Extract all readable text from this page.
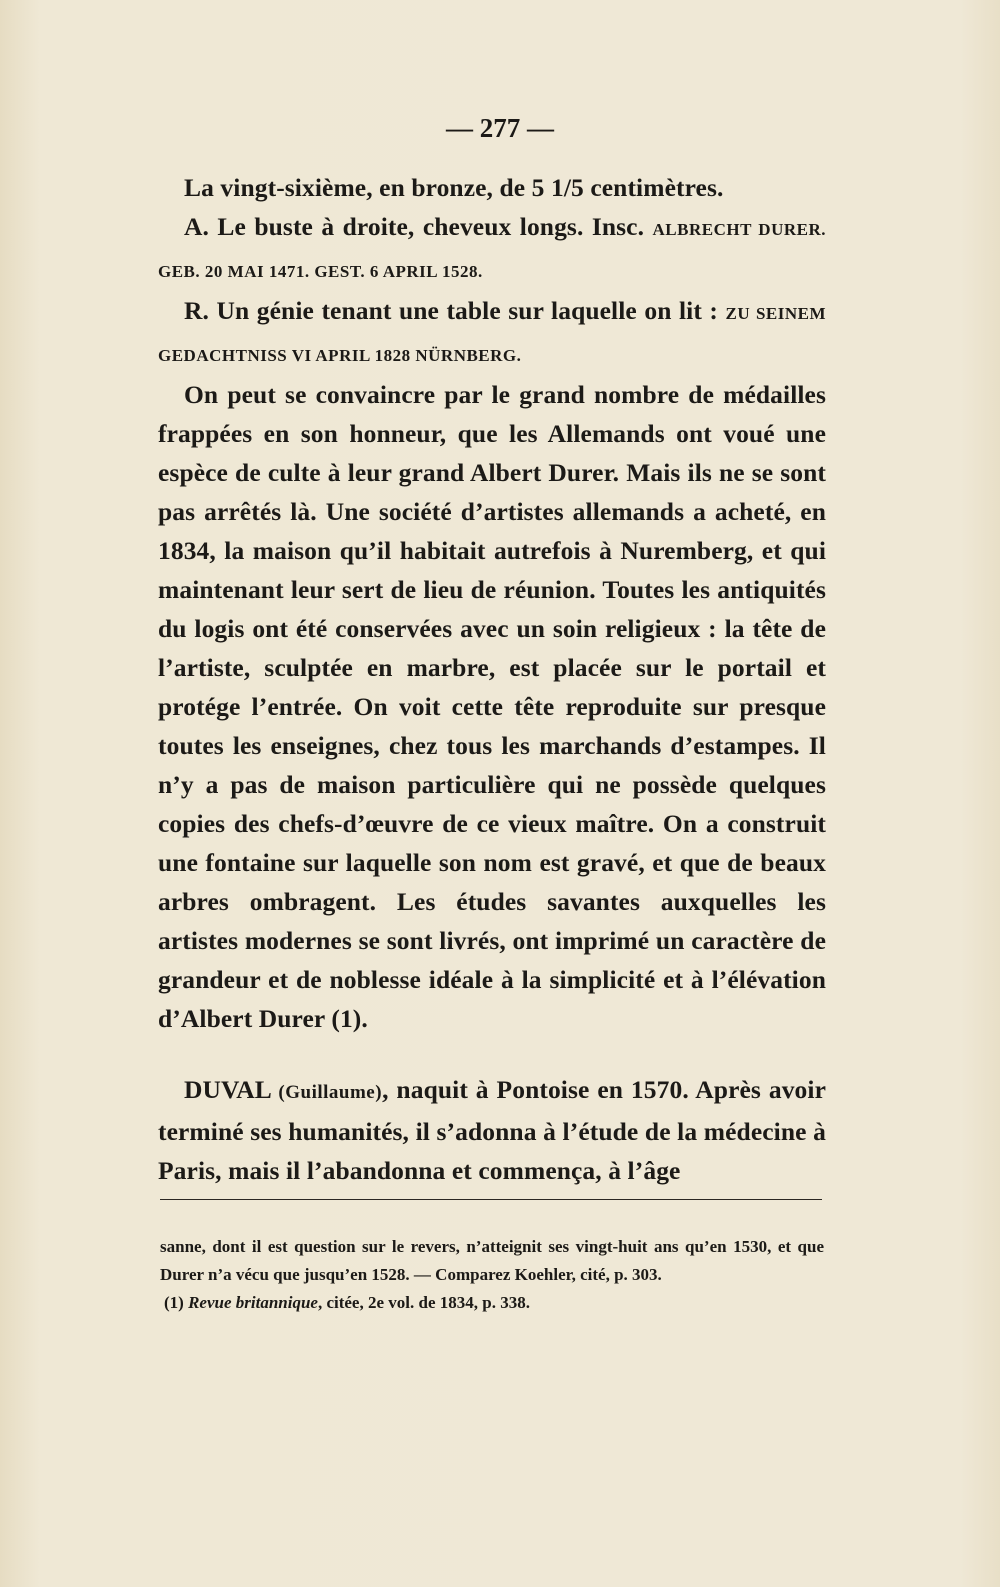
— 277 —

La vingt-sixième, en bronze, de 5 1/5 centimètres.

A. Le buste à droite, cheveux longs. Insc. ALBRECHT DURER. GEB. 20 MAI 1471. GEST. 6 APRIL 1528.

R. Un génie tenant une table sur laquelle on lit : ZU SEINEM GEDACHTNISS VI APRIL 1828 NÜRNBERG.

On peut se convaincre par le grand nombre de médailles frappées en son honneur, que les Allemands ont voué une espèce de culte à leur grand Albert Durer. Mais ils ne se sont pas arrêtés là. Une société d’artistes allemands a acheté, en 1834, la maison qu’il habitait autrefois à Nuremberg, et qui maintenant leur sert de lieu de réunion. Toutes les antiquités du logis ont été conservées avec un soin religieux : la tête de l’artiste, sculptée en marbre, est placée sur le portail et protége l’entrée. On voit cette tête reproduite sur presque toutes les enseignes, chez tous les marchands d’estampes. Il n’y a pas de maison particulière qui ne possède quelques copies des chefs-d’œuvre de ce vieux maître. On a construit une fontaine sur laquelle son nom est gravé, et que de beaux arbres ombragent. Les études savantes auxquelles les artistes modernes se sont livrés, ont imprimé un caractère de grandeur et de noblesse idéale à la simplicité et à l’élévation d’Albert Durer (1).

DUVAL (Guillaume), naquit à Pontoise en 1570. Après avoir terminé ses humanités, il s’adonna à l’étude de la médecine à Paris, mais il l’abandonna et commença, à l’âge

sanne, dont il est question sur le revers, n’atteignit ses vingt-huit ans qu’en 1530, et que Durer n’a vécu que jusqu’en 1528. — Comparez Koehler, cité, p. 303.

(1) Revue britannique, citée, 2e vol. de 1834, p. 338.
